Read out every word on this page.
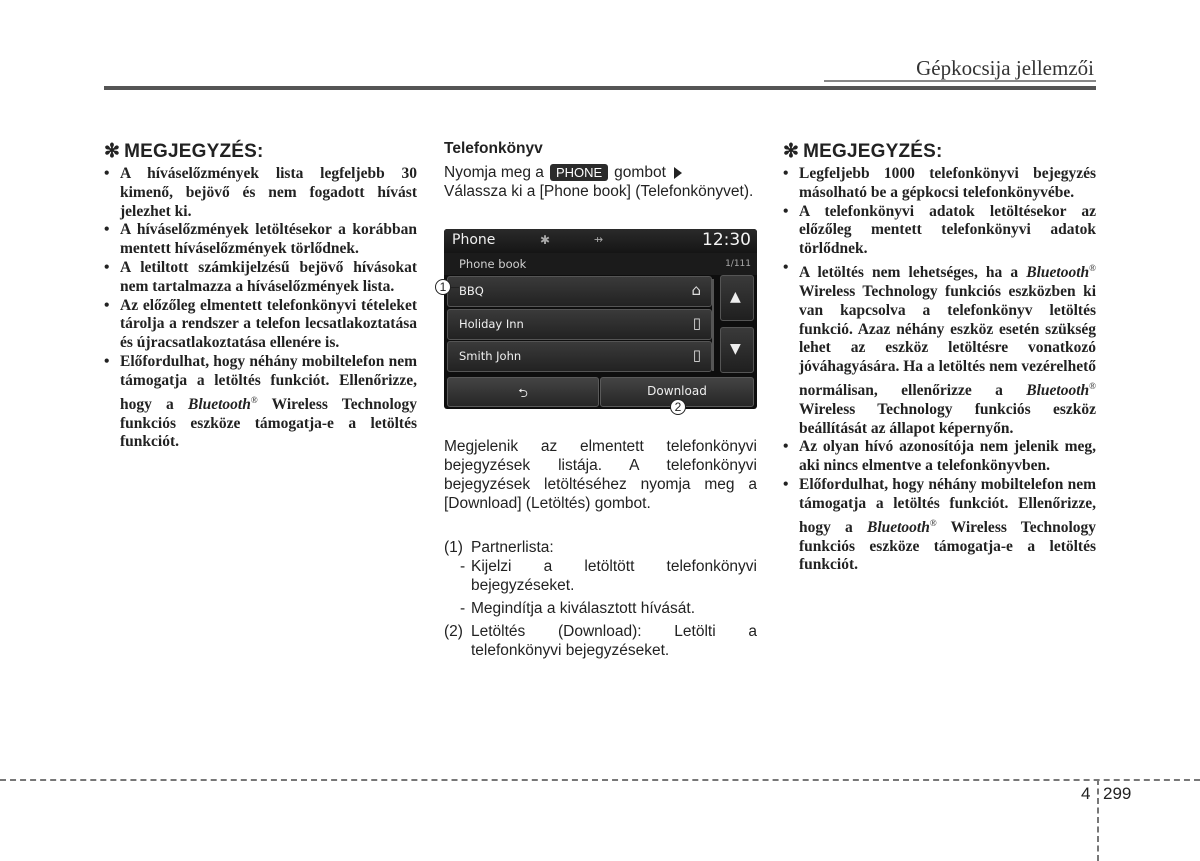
Gépkocsija jellemzői
✻ MEGJEGYZÉS:
• A híváselőzmények lista legfeljebb 30 kimenő, bejövő és nem fogadott hívást jelezhet ki.
• A híváselőzmények letöltésekor a korábban mentett híváselőzmények törlődnek.
• A letiltott számkijelzésű bejövő hívásokat nem tartalmazza a híváselőzmények lista.
• Az előzőleg elmentett telefonkönyvi tételeket tárolja a rendszer a telefon lecsatlakoztatása és újracsatlakoztatása ellenére is.
• Előfordulhat, hogy néhány mobiltelefon nem támogatja a letöltés funkciót. Ellenőrizze, hogy a Bluetooth® Wireless Technology funkciós eszköze támogatja-e a letöltés funkciót.
Telefonkönyv

Nyomja meg a PHONE gombot

Válassza ki a [Phone book] (Telefonkönyvet).

Phone	✱	⇸	12:30
Phone book	1/111
BBQ	⌂
Holiday Inn	▯
Smith John	▯
▲
▼
⮌	Download
1
2

Megjelenik az elmentett telefonkönyvi bejegyzések listája. A telefonkönyvi bejegyzések letöltéséhez nyomja meg a [Download] (Letöltés) gombot.

(1) Partnerlista:
- Kijelzi a letöltött telefonkönyvi bejegyzéseket.
- Megindítja a kiválasztott hívását.
(2) Letöltés (Download): Letölti a telefonkönyvi bejegyzéseket.
✻ MEGJEGYZÉS:
• Legfeljebb 1000 telefonkönyvi bejegyzés másolható be a gépkocsi telefonkönyvébe.
• A telefonkönyvi adatok letöltésekor az előzőleg mentett telefonkönyvi adatok törlődnek.
• A letöltés nem lehetséges, ha a Bluetooth® Wireless Technology funkciós eszközben ki van kapcsolva a telefonkönyv letöltés funkció. Azaz néhány eszköz esetén szükség lehet az eszköz letöltésre vonatkozó jóváhagyására. Ha a letöltés nem vezérelhető normálisan, ellenőrizze a Bluetooth® Wireless Technology funkciós eszköz beállítását az állapot képernyőn.
• Az olyan hívó azonosítója nem jelenik meg, aki nincs elmentve a telefonkönyvben.
• Előfordulhat, hogy néhány mobiltelefon nem támogatja a letöltés funkciót. Ellenőrizze, hogy a Bluetooth® Wireless Technology funkciós eszköze támogatja-e a letöltés funkciót.
4 299
